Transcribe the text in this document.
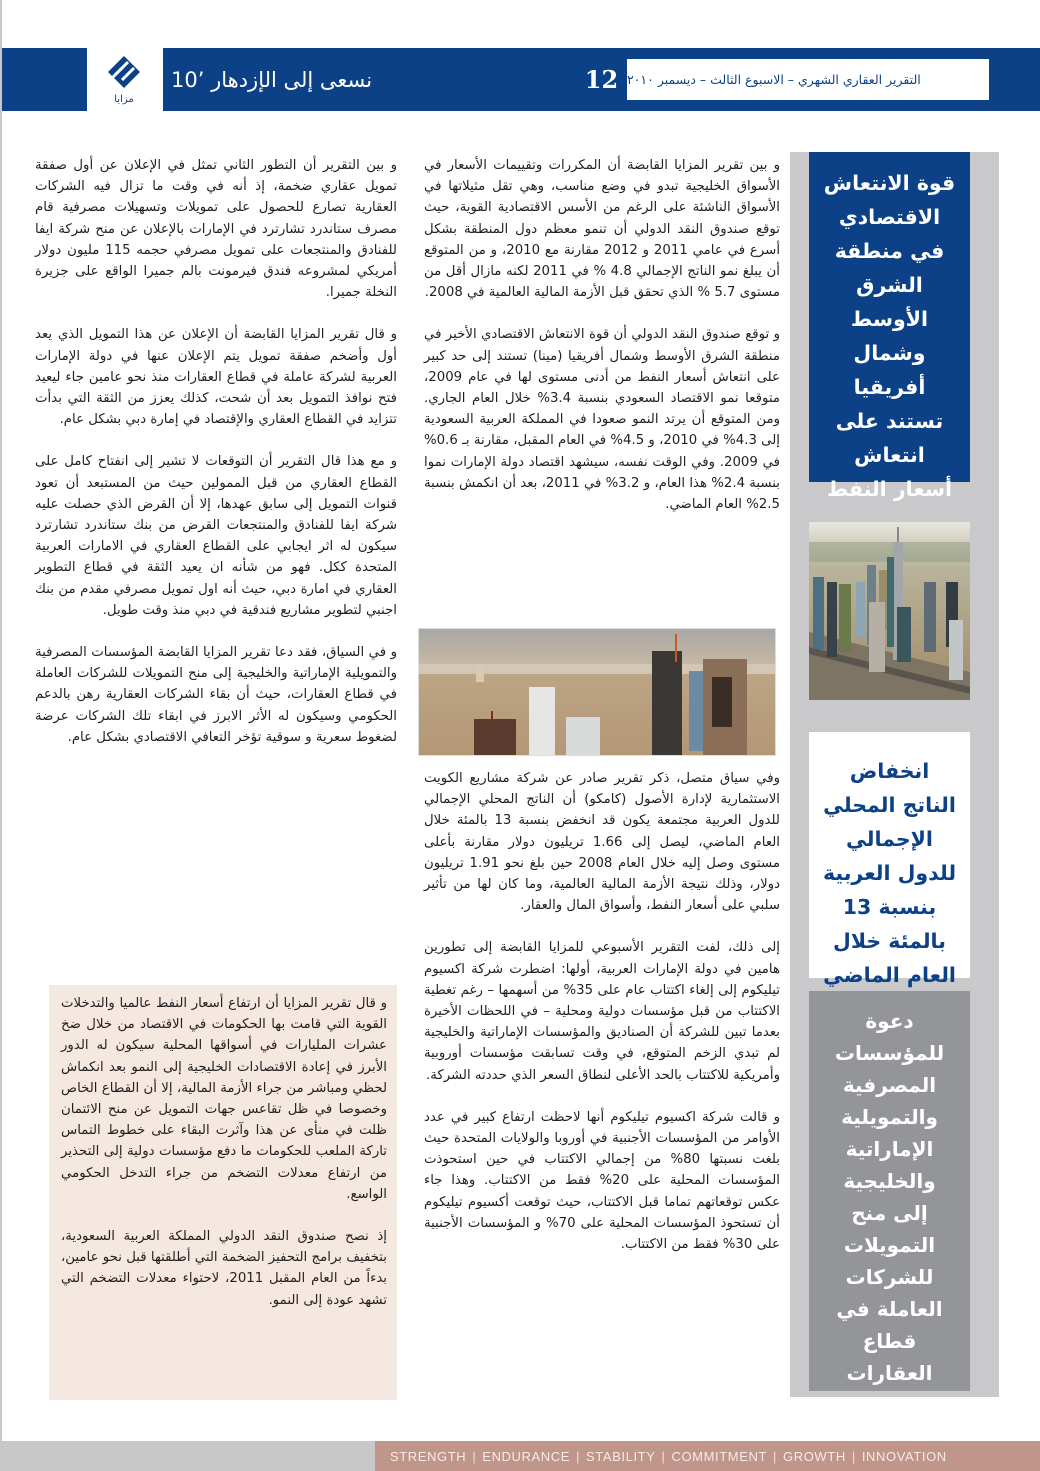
مزايا
نسعى إلى الإزدهار ’10	12 التقرير العقاري الشهري – الاسبوع الثالث – ديسمبر ٢٠١٠
قوة الانتعاش
الاقتصادي
في منطقة
الشرق
الأوسط
وشمال
أفريقيا
تستند على
انتعاش
أسعار النفط
انخفاض
الناتج المحلي
الإجمالي
للدول العربية
بنسبة 13
بالمئة خلال
العام الماضي
دعوة
للمؤسسات
المصرفية
والتمويلية
الإماراتية
والخليجية
إلى منح
التمويلات
للشركات
العاملة في
قطاع
العقارات

و بين تقرير المزايا القابضة أن المكررات وتقييمات الأسعار في الأسواق الخليجية تبدو في وضع مناسب، وهي تقل مثيلاتها في الأسواق الناشئة على الرغم من الأسس الاقتصادية القوية، حيث توقع صندوق النقد الدولي أن تنمو معظم دول المنطقة بشكل أسرع في عامي 2011 و 2012 مقارنة مع 2010، و من المتوقع أن يبلغ نمو الناتج الإجمالي 4.8 % في 2011 لكنه مازال أقل من مستوى 5.7 % الذي تحقق قبل الأزمة المالية العالمية في 2008.

و توقع صندوق النقد الدولي أن قوة الانتعاش الاقتصادي الأخير في منطقة الشرق الأوسط وشمال أفريقيا (مينا) تستند إلى حد كبير على انتعاش أسعار النفط من أدنى مستوى لها في عام 2009، متوقعا نمو الاقتصاد السعودي بنسبة 3.4% خلال العام الجاري. ومن المتوقع أن يرتد النمو صعودا في المملكة العربية السعودية إلى 4.3% في 2010، و 4.5% في العام المقبل، مقارنة بـ 0.6% في 2009. وفي الوقت نفسه، سيشهد اقتصاد دولة الإمارات نموا بنسبة 2.4% هذا العام، و 3.2% في 2011، بعد أن انكمش بنسبة 2.5% العام الماضي.

وفي سياق متصل، ذكر تقرير صادر عن شركة مشاريع الكويت الاستثمارية لإدارة الأصول (كامكو) أن الناتج المحلي الإجمالي للدول العربية مجتمعة يكون قد انخفض بنسبة 13 بالمئة خلال العام الماضي، ليصل إلى 1.66 تريليون دولار مقارنة بأعلى مستوى وصل إليه خلال العام 2008 حين بلغ نحو 1.91 تريليون دولار، وذلك نتيجة الأزمة المالية العالمية، وما كان لها من تأثير سلبي على أسعار النفط، وأسواق المال والعقار.

إلى ذلك، لفت التقرير الأسبوعي للمزايا القابضة إلى تطورين هامين في دولة الإمارات العربية، أولها: اضطرت شركة اكسيوم تيليكوم إلى إلغاء اكتتاب عام على 35% من أسهمها – رغم تغطية الاكتتاب من قبل مؤسسات دولية ومحلية – في اللحظات الأخيرة بعدما تبين للشركة أن الصناديق والمؤسسات الإماراتية والخليجية لم تبدي الزخم المتوقع، في وقت تسابقت مؤسسات أوروبية وأمريكية للاكتتاب بالحد الأعلى لنطاق السعر الذي حددته الشركة.

و قالت شركة اكسيوم تيليكوم أنها لاحظت ارتفاع كبير في عدد الأوامر من المؤسسات الأجنبية في أوروبا والولايات المتحدة حيث بلغت نسبتها 80% من إجمالي الاكتتاب في حين استحوذت المؤسسات المحلية على 20% فقط من الاكتتاب. وهذا جاء عكس توقعاتهم تماما قبل الاكتتاب، حيث توقعت أكسيوم تيليكوم أن تستحوذ المؤسسات المحلية على 70% و المؤسسات الأجنبية على 30% فقط من الاكتتاب.

و بين التقرير أن التطور الثاني تمثل في الإعلان عن أول صفقة تمويل عقاري ضخمة، إذ أنه في وقت ما تزال فيه الشركات العقارية تصارع للحصول على تمويلات وتسهيلات مصرفية قام مصرف ستاندرد تشارترد في الإمارات بالإعلان عن منح شركة ايفا للفنادق والمنتجعات على تمويل مصرفي حجمه 115 مليون دولار أمريكي لمشروعه فندق فيرمونت بالم جميرا الواقع على جزيرة النخلة جميرا.

و قال تقرير المزايا القابضة أن الإعلان عن هذا التمويل الذي يعد أول وأضخم صفقة تمويل يتم الإعلان عنها في دولة الإمارات العربية لشركة عاملة في قطاع العقارات منذ نحو عامين جاء ليعيد فتح نوافذ التمويل بعد أن شحت، كذلك يعزز من الثقة التي بدأت تتزايد في القطاع العقاري والإقتصاد في إمارة دبي بشكل عام.

و مع هذا قال التقرير أن التوقعات لا تشير إلى انفتاح كامل على القطاع العقاري من قبل الممولين حيث من المستبعد أن تعود قنوات التمويل إلى سابق عهدها، إلا أن القرض الذي حصلت عليه شركة ايفا للفنادق والمنتجعات القرض من بنك ستاندرد تشارترد سيكون له اثر ايجابي على القطاع العقاري في الامارات العربية المتحدة ككل. فهو من شأنه ان يعيد الثقة في قطاع التطوير العقاري في امارة دبي، حيث أنه اول تمويل مصرفي مقدم من بنك اجنبي لتطوير مشاريع فندقية في دبي منذ وقت طويل.

و في السياق، فقد دعا تقرير المزايا القابضة المؤسسات المصرفية والتمويلية الإماراتية والخليجية إلى منح التمويلات للشركات العاملة في قطاع العقارات، حيث أن بقاء الشركات العقارية رهن بالدعم الحكومي وسيكون له الأثر الابرز في ابقاء تلك الشركات عرضة لضغوط سعرية و سوقية تؤخر التعافي الاقتصادي بشكل عام.

و قال تقرير المزايا أن ارتفاع أسعار النفط عالميا والتدخلات القوية التي قامت بها الحكومات في الاقتصاد من خلال ضخ عشرات المليارات في أسواقها المحلية سيكون له الدور الأبرز في إعادة الاقتصادات الخليجية إلى النمو بعد انكماش لحظي ومباشر من جراء الأزمة المالية، إلا أن القطاع الخاص وخصوصا في ظل تقاعس جهات التمويل عن منح الائتمان ظلت في منأى عن هذا وآثرت البقاء على خطوط التماس تاركة الملعب للحكومات ما دفع مؤسسات دولية إلى التحذير من ارتفاع معدلات التضخم من جراء التدخل الحكومي الواسع.

إذ نصح صندوق النقد الدولي المملكة العربية السعودية، بتخفيف برامج التحفيز الضخمة التي أطلقتها قبل نحو عامين، بدءاً من العام المقبل 2011، لاحتواء معدلات التضخم التي تشهد عودة إلى النمو.

STRENGTH | ENDURANCE | STABILITY | COMMITMENT | GROWTH | INNOVATION
